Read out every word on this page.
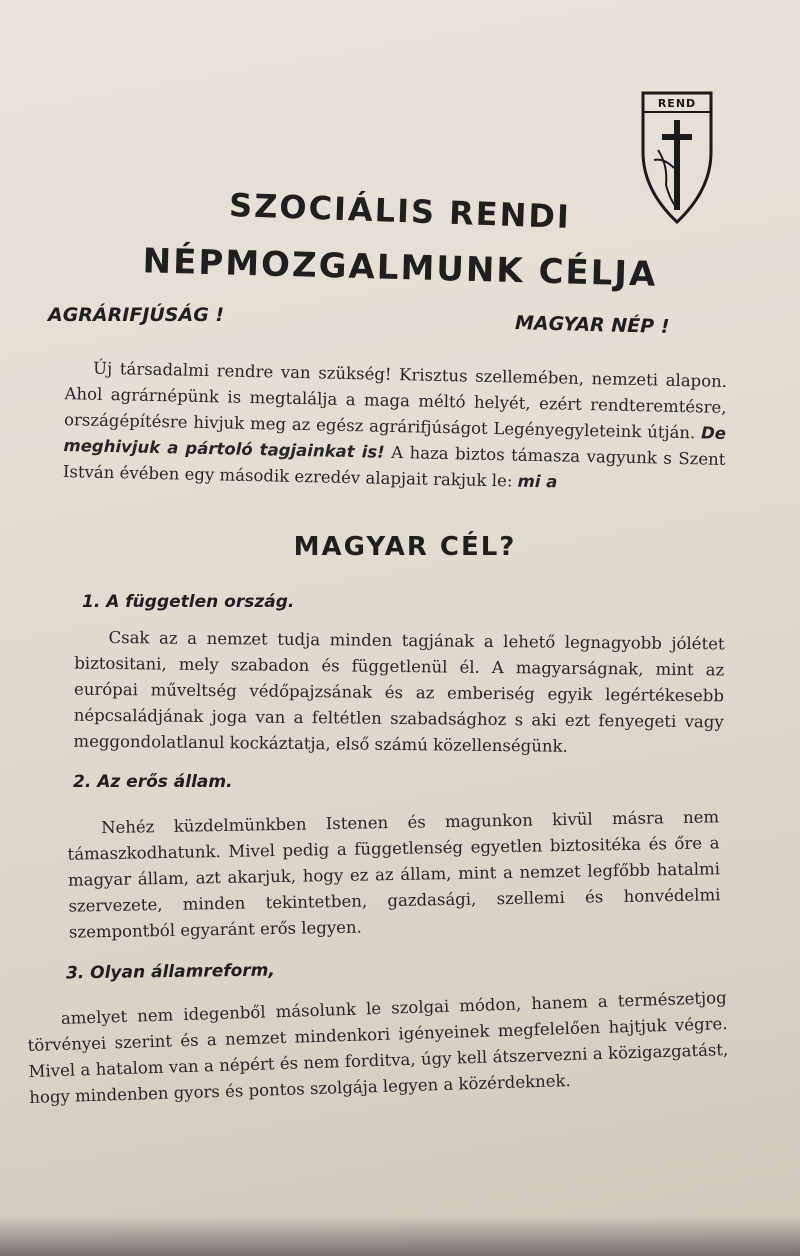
REND
SZOCIÁLIS RENDI
NÉPMOZGALMUNK CÉLJA
AGRÁRIFJÚSÁG !	MAGYAR NÉP !
Új társadalmi rendre van szükség! Krisztus szellemében, nemzeti alapon. Ahol agrárnépünk is megtalálja a maga méltó helyét, ezért rendteremtésre, országépítésre hivjuk meg az egész agrárifjúságot Legényegyleteink útján. De meghivjuk a pártoló tagjainkat is! A haza biztos támasza vagyunk s Szent István évében egy második ezredév alapjait rakjuk le: mi a
MAGYAR CÉL?
1. A független ország.
Csak az a nemzet tudja minden tagjának a lehető legnagyobb jólétet biztositani, mely szabadon és függetlenül él. A magyarságnak, mint az európai műveltség védőpajzsának és az emberiség egyik legértékesebb népcsaládjának joga van a feltétlen szabadsághoz s aki ezt fenyegeti vagy meggondolatlanul kockáztatja, első számú közellenségünk.
2. Az erős állam.
Nehéz küzdelmünkben Istenen és magunkon kivül másra nem támaszkodhatunk. Mivel pedig a függetlenség egyetlen biztositéka és őre a magyar állam, azt akarjuk, hogy ez az állam, mint a nemzet legfőbb hatalmi szervezete, minden tekintetben, gazdasági, szellemi és honvédelmi szempontból egyaránt erős legyen.
3. Olyan államreform,
amelyet nem idegenből másolunk le szolgai módon, hanem a természetjog törvényei szerint és a nemzet mindenkori igényeinek megfelelően hajtjuk végre. Mivel a hatalom van a népért és nem forditva, úgy kell átszervezni a közigazgatást, hogy mindenben gyors és pontos szolgája legyen a közérdeknek.
